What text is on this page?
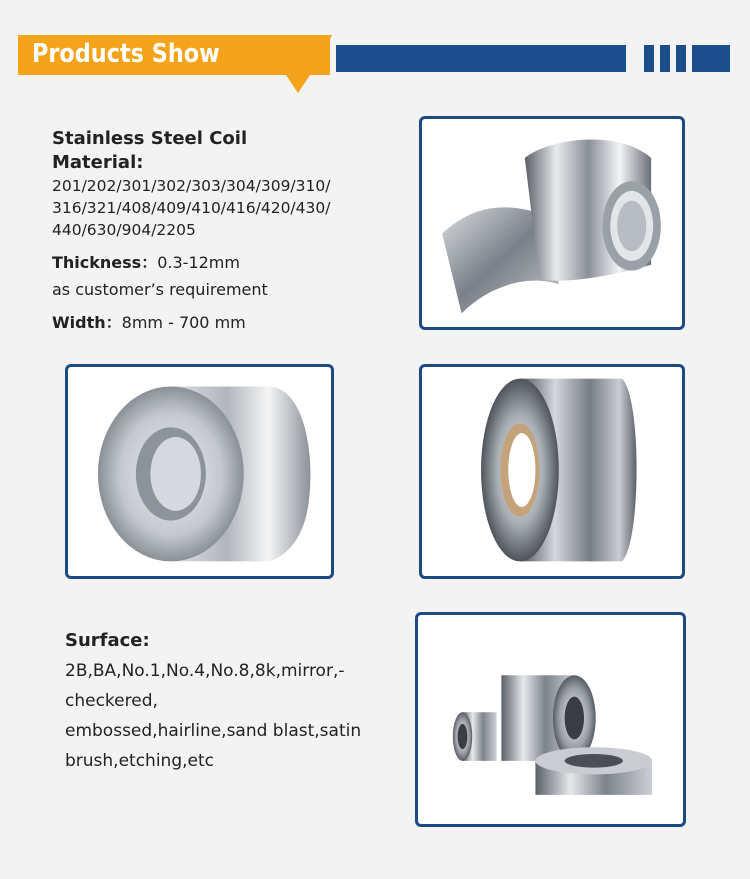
Products Show
Stainless Steel Coil
Material:
201/202/301/302/303/304/309/310/
316/321/408/409/410/416/420/430/
440/630/904/2205
Thickness：0.3-12mm
as customer’s requirement
Width：8mm - 700 mm
Surface:
2B,BA,No.1,No.4,No.8,8k,mirror,-
checkered,
embossed,hairline,sand blast,satin
brush,etching,etc
